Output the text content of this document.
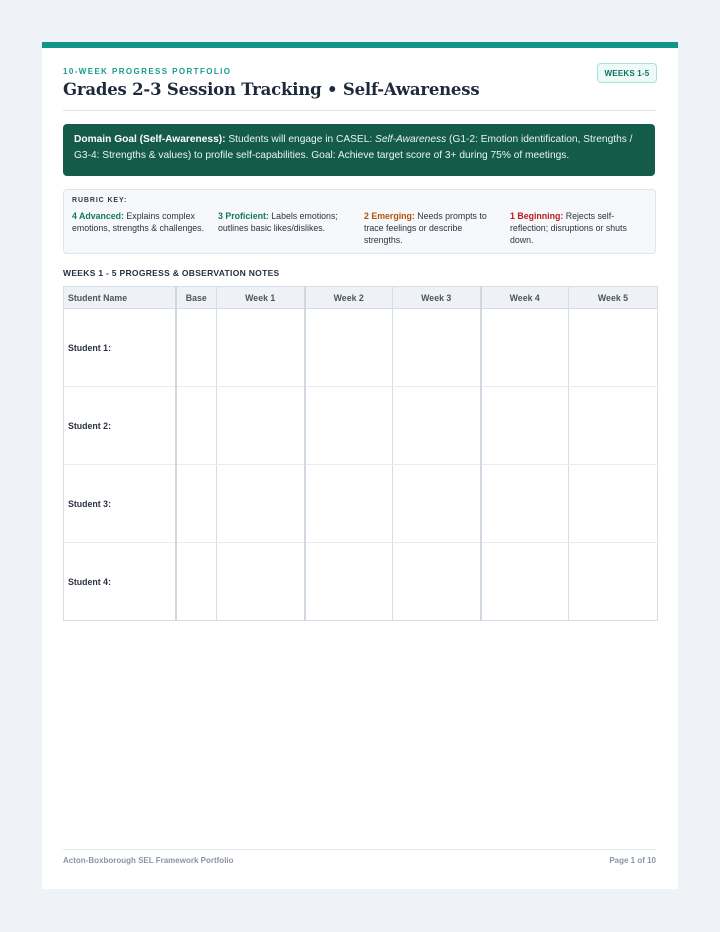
10-WEEK PROGRESS PORTFOLIO
Grades 2-3 Session Tracking • Self-Awareness
WEEKS 1-5
Domain Goal (Self-Awareness): Students will engage in CASEL: Self-Awareness (G1-2: Emotion identification, Strengths / G3-4: Strengths & values) to profile self-capabilities. Goal: Achieve target score of 3+ during 75% of meetings.
RUBRIC KEY:
4 Advanced: Explains complex emotions, strengths & challenges.
3 Proficient: Labels emotions; outlines basic likes/dislikes.
2 Emerging: Needs prompts to trace feelings or describe strengths.
1 Beginning: Rejects self-reflection; disruptions or shuts down.
WEEKS 1 - 5 PROGRESS & OBSERVATION NOTES
Student Name	Base	Week 1	Week 2	Week 3	Week 4	Week 5
Student 1:						
Student 2:						
Student 3:						
Student 4:						
Acton-Boxborough SEL Framework Portfolio	Page 1 of 10
